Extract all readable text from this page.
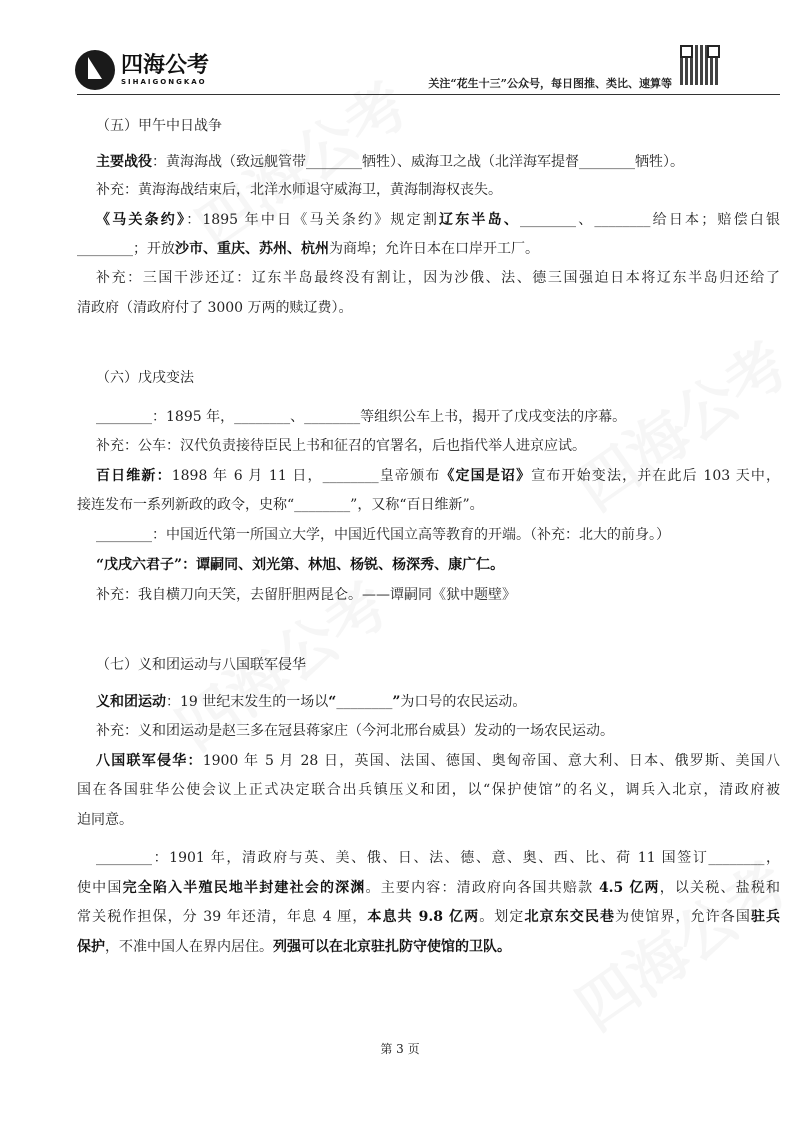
四海公考
SIHAIGONGKAO	关注“花生十三”公众号，每日图推、类比、速算等
（五）甲午中日战争
主要战役：黄海海战（致远舰管带________牺牲）、威海卫之战（北洋海军提督________牺牲）。
补充：黄海海战结束后，北洋水师退守威海卫，黄海制海权丧失。
《马关条约》：1895 年中日《马关条约》规定割辽东半岛、________、________给日本；赔偿白银
________；开放沙市、重庆、苏州、杭州为商埠；允许日本在口岸开工厂。
补充：三国干涉还辽：辽东半岛最终没有割让，因为沙俄、法、德三国强迫日本将辽东半岛归还给了
清政府（清政府付了 3000 万两的赎辽费）。
（六）戊戌变法
________：1895 年，________、________等组织公车上书，揭开了戊戌变法的序幕。
补充：公车：汉代负责接待臣民上书和征召的官署名，后也指代举人进京应试。
百日维新：1898 年 6 月 11 日，________皇帝颁布《定国是诏》宣布开始变法，并在此后 103 天中，
接连发布一系列新政的政令，史称“________”，又称“百日维新”。
________：中国近代第一所国立大学，中国近代国立高等教育的开端。（补充：北大的前身。）
“戊戌六君子”：谭嗣同、刘光第、林旭、杨锐、杨深秀、康广仁。
补充：我自横刀向天笑，去留肝胆两昆仑。——谭嗣同《狱中题壁》
（七）义和团运动与八国联军侵华
义和团运动：19 世纪末发生的一场以“________”为口号的农民运动。
补充：义和团运动是赵三多在冠县蒋家庄（今河北邢台威县）发动的一场农民运动。
八国联军侵华：1900 年 5 月 28 日，英国、法国、德国、奥匈帝国、意大利、日本、俄罗斯、美国八
国在各国驻华公使会议上正式决定联合出兵镇压义和团，以“保护使馆”的名义，调兵入北京，清政府被
迫同意。
________：1901 年，清政府与英、美、俄、日、法、德、意、奥、西、比、荷 11 国签订________，
使中国完全陷入半殖民地半封建社会的深渊。主要内容：清政府向各国共赔款 4.5 亿两，以关税、盐税和
常关税作担保，分 39 年还清，年息 4 厘，本息共 9.8 亿两。划定北京东交民巷为使馆界，允许各国驻兵
保护，不准中国人在界内居住。列强可以在北京驻扎防守使馆的卫队。
第 3 页
